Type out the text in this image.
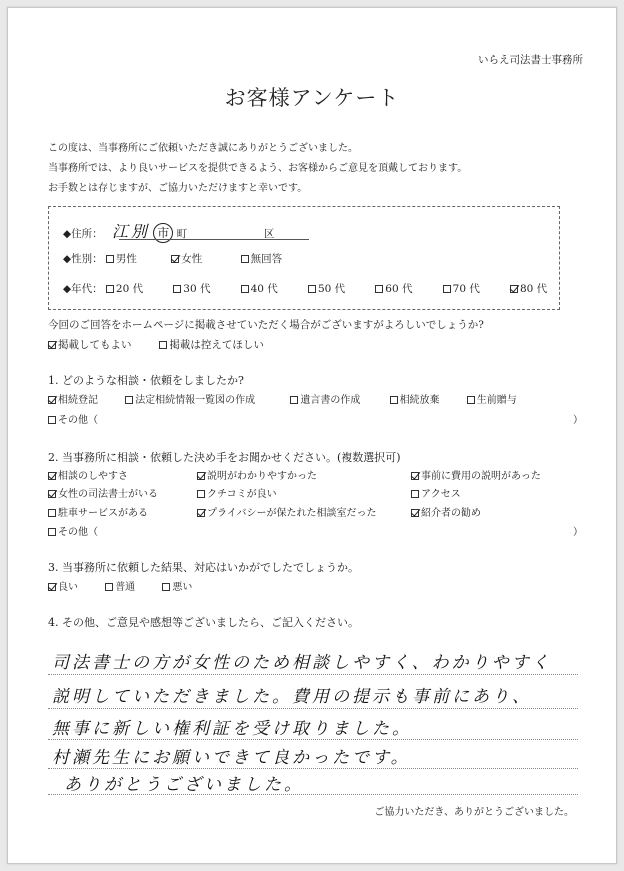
いらえ司法書士事務所
お客様アンケート
この度は、当事務所にご依頼いただき誠にありがとうございました。
当事務所では、より良いサービスを提供できるよう、お客様からご意見を頂戴しております。
お手数とは存じますが、ご協力いただけますと幸いです。
◆住所： 江別 市 町	区
◆性別： 男性	女性	無回答
◆年代： 20 代	30 代	40 代	50 代	60 代	70 代	80 代
今回のご回答をホームページに掲載させていただく場合がございますがよろしいでしょうか?
掲載してもよい	掲載は控えてほしい
1. どのような相談・依頼をしましたか?
相続登記	法定相続情報一覧図の作成	遺言書の作成	相続放棄	生前贈与
その他（	）
2. 当事務所に相談・依頼した決め手をお聞かせください。(複数選択可)
相談のしやすさ	説明がわかりやすかった	事前に費用の説明があった
女性の司法書士がいる	クチコミが良い	アクセス
駐車サービスがある	プライバシーが保たれた相談室だった	紹介者の勧め
その他（	）
3. 当事務所に依頼した結果、対応はいかがでしたでしょうか。
良い	普通	悪い
4. その他、ご意見や感想等ございましたら、ご記入ください。
司法書士の方が女性のため相談しやすく、わかりやすく
説明していただきました。費用の提示も事前にあり、
無事に新しい権利証を受け取りました。
村瀬先生にお願いできて良かったです。
ありがとうございました。
ご協力いただき、ありがとうございました。
